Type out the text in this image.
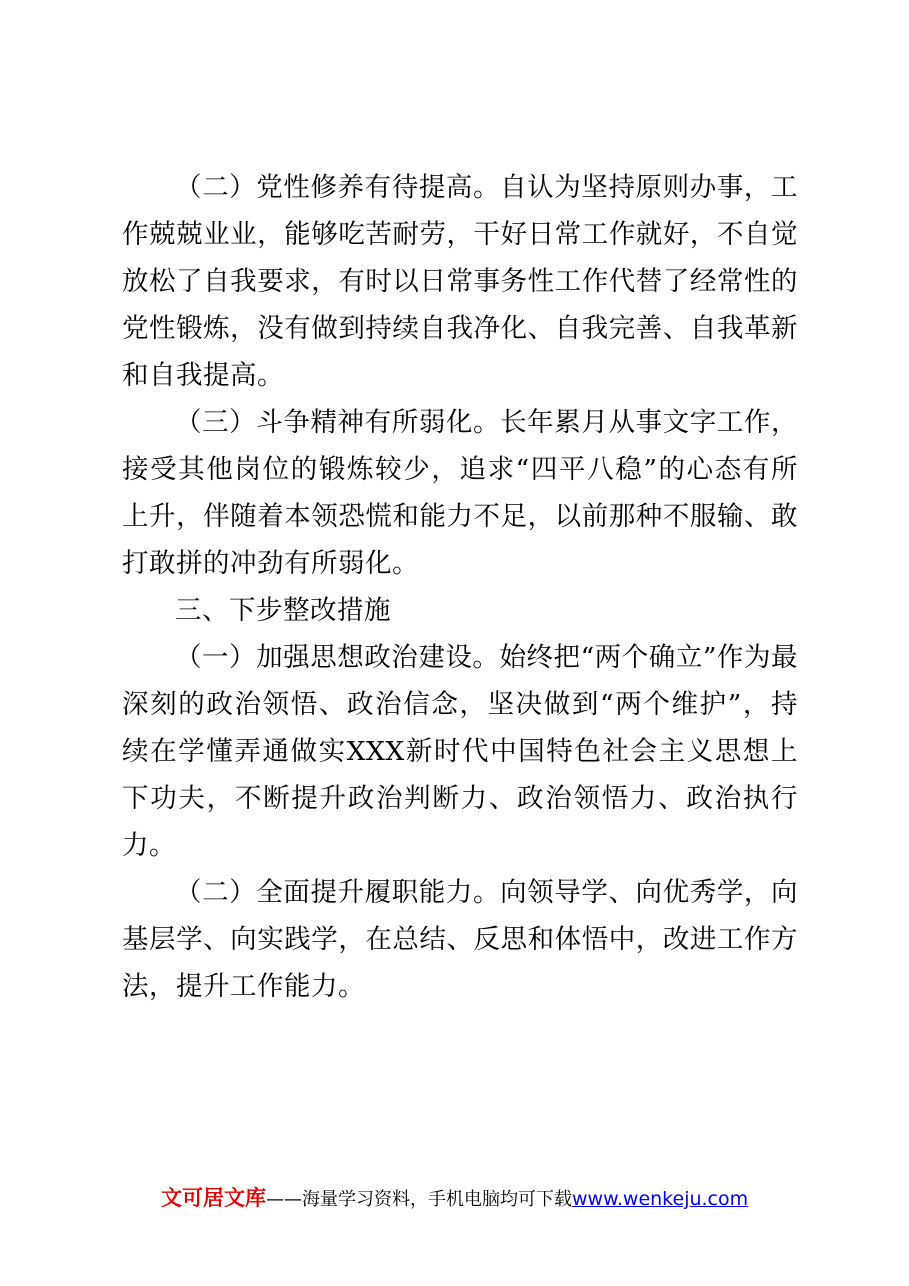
（二）党性修养有待提高。自认为坚持原则办事，工作兢兢业业，能够吃苦耐劳，干好日常工作就好，不自觉放松了自我要求，有时以日常事务性工作代替了经常性的党性锻炼，没有做到持续自我净化、自我完善、自我革新和自我提高。

（三）斗争精神有所弱化。长年累月从事文字工作，接受其他岗位的锻炼较少，追求“四平八稳”的心态有所上升，伴随着本领恐慌和能力不足，以前那种不服输、敢打敢拼的冲劲有所弱化。

三、下步整改措施

（一）加强思想政治建设。始终把“两个确立”作为最深刻的政治领悟、政治信念，坚决做到“两个维护”，持续在学懂弄通做实XXX新时代中国特色社会主义思想上下功夫，不断提升政治判断力、政治领悟力、政治执行力。

（二）全面提升履职能力。向领导学、向优秀学，向基层学、向实践学，在总结、反思和体悟中，改进工作方法，提升工作能力。

文可居文库 ——海量学习资料，手机电脑均可下载 www.wenkeju.com
